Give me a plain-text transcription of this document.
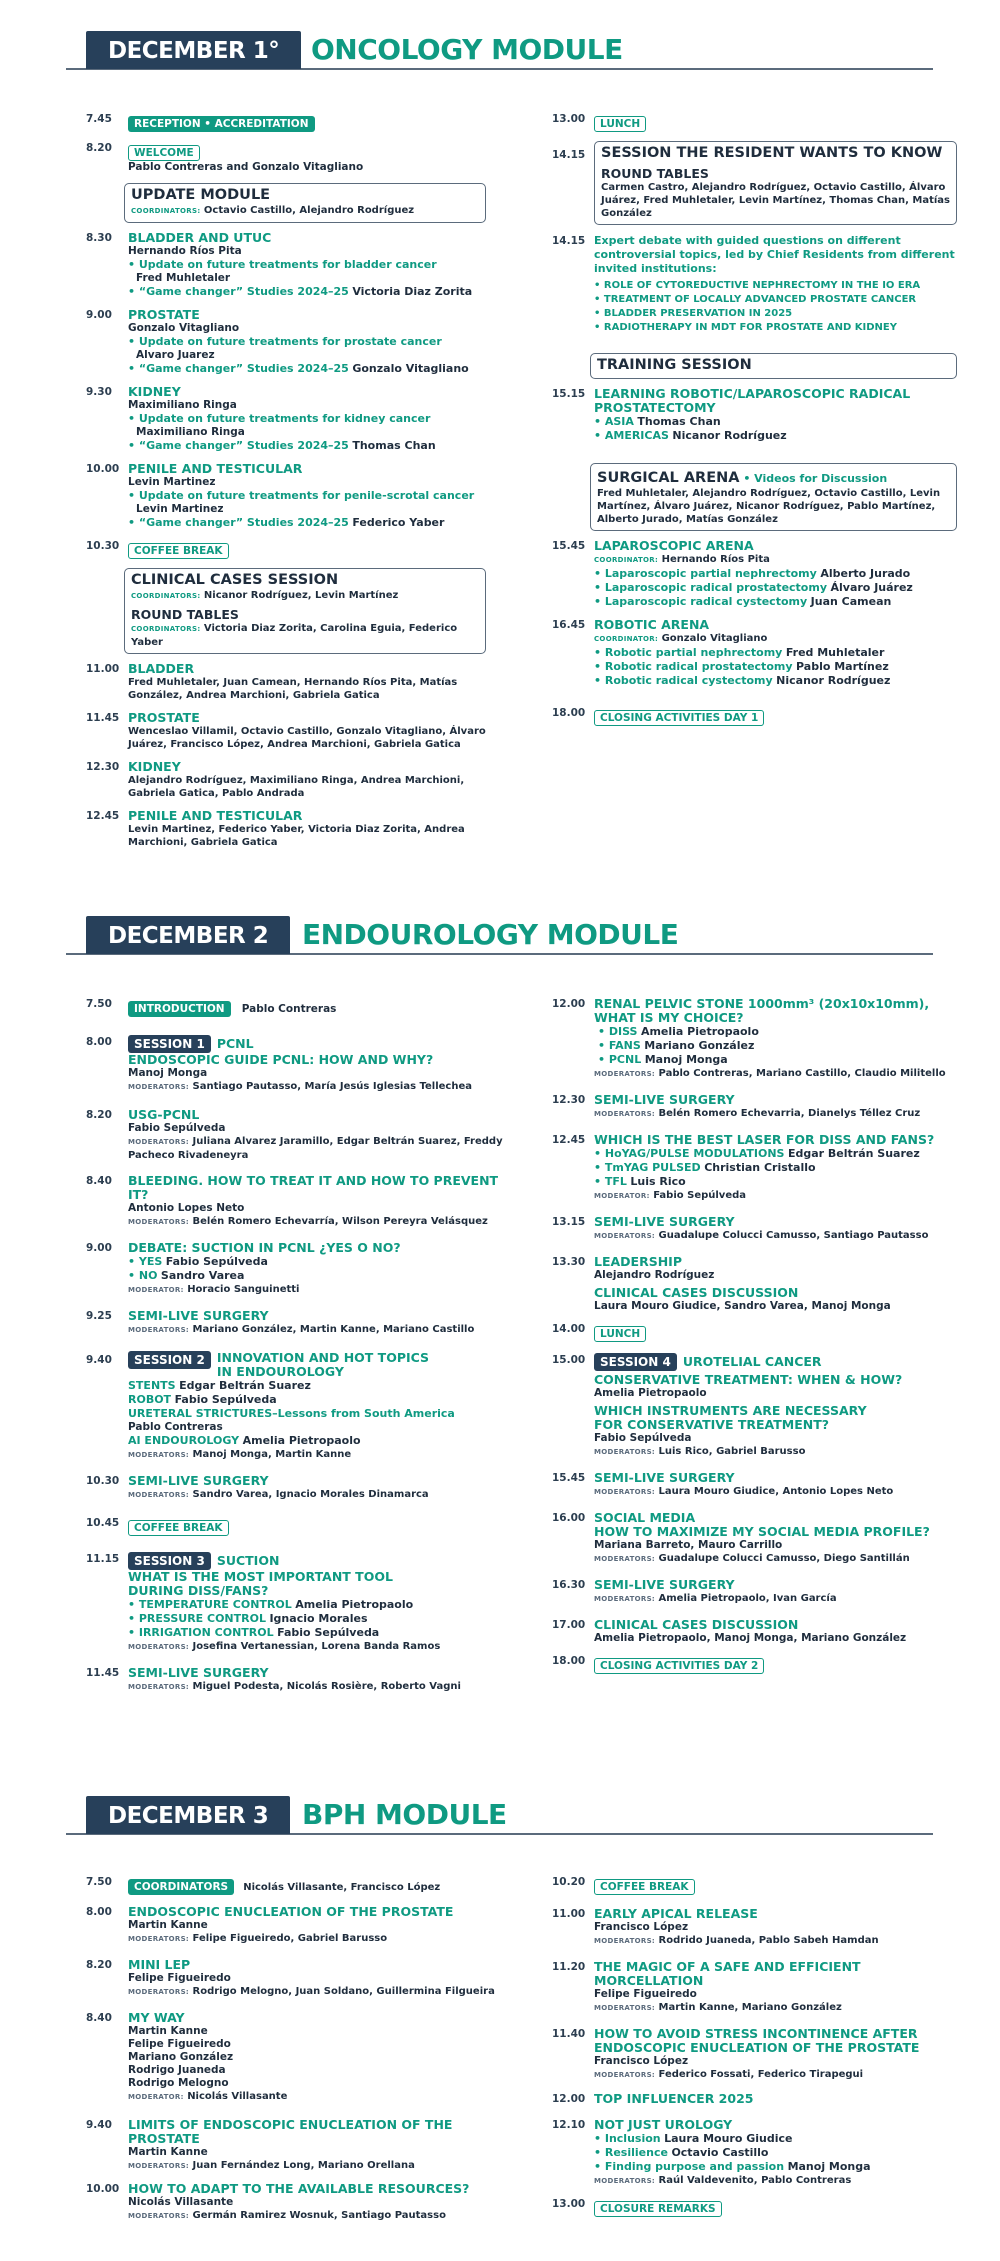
DECEMBER 1°	ONCOLOGY MODULE
7.45 RECEPTION • ACCREDITATION
8.20 WELCOME
Pablo Contreras and Gonzalo Vitagliano
UPDATE MODULE
COORDINATORS: Octavio Castillo, Alejandro Rodríguez
8.30 BLADDER AND UTUC
Hernando Ríos Pita
• Update on future treatments for bladder cancer
Fred Muhletaler
• “Game changer” Studies 2024–25 Victoria Diaz Zorita
9.00 PROSTATE
Gonzalo Vitagliano
• Update on future treatments for prostate cancer
Alvaro Juarez
• “Game changer” Studies 2024–25 Gonzalo Vitagliano
9.30 KIDNEY
Maximiliano Ringa
• Update on future treatments for kidney cancer
Maximiliano Ringa
• “Game changer” Studies 2024–25 Thomas Chan
10.00 PENILE AND TESTICULAR
Levin Martinez
• Update on future treatments for penile-scrotal cancer
Levin Martinez
• “Game changer” Studies 2024–25 Federico Yaber
10.30 COFFEE BREAK
CLINICAL CASES SESSION
COORDINATORS: Nicanor Rodríguez, Levin Martínez
ROUND TABLES
COORDINATORS: Victoria Diaz Zorita, Carolina Eguia, Federico Yaber
11.00 BLADDER
Fred Muhletaler, Juan Camean, Hernando Ríos Pita, Matías González, Andrea Marchioni, Gabriela Gatica
11.45 PROSTATE
Wenceslao Villamil, Octavio Castillo, Gonzalo Vitagliano, Álvaro Juárez, Francisco López, Andrea Marchioni, Gabriela Gatica
12.30 KIDNEY
Alejandro Rodríguez, Maximiliano Ringa, Andrea Marchioni, Gabriela Gatica, Pablo Andrada
12.45 PENILE AND TESTICULAR
Levin Martinez, Federico Yaber, Victoria Diaz Zorita, Andrea Marchioni, Gabriela Gatica
13.00 LUNCH
14.15 SESSION THE RESIDENT WANTS TO KNOW
ROUND TABLES
Carmen Castro, Alejandro Rodríguez, Octavio Castillo, Álvaro Juárez, Fred Muhletaler, Levin Martínez, Thomas Chan, Matías González
14.15 Expert debate with guided questions on different controversial topics, led by Chief Residents from different invited institutions:
• ROLE OF CYTOREDUCTIVE NEPHRECTOMY IN THE IO ERA
• TREATMENT OF LOCALLY ADVANCED PROSTATE CANCER
• BLADDER PRESERVATION IN 2025
• RADIOTHERAPY IN MDT FOR PROSTATE AND KIDNEY
TRAINING SESSION
15.15 LEARNING ROBOTIC/LAPAROSCOPIC RADICAL PROSTATECTOMY
• ASIA Thomas Chan
• AMERICAS Nicanor Rodríguez
SURGICAL ARENA • Videos for Discussion
Fred Muhletaler, Alejandro Rodríguez, Octavio Castillo, Levin Martínez, Álvaro Juárez, Nicanor Rodríguez, Pablo Martínez, Alberto Jurado, Matías González
15.45 LAPAROSCOPIC ARENA
COORDINATOR: Hernando Ríos Pita
• Laparoscopic partial nephrectomy Alberto Jurado
• Laparoscopic radical prostatectomy Álvaro Juárez
• Laparoscopic radical cystectomy Juan Camean
16.45 ROBOTIC ARENA
COORDINATOR: Gonzalo Vitagliano
• Robotic partial nephrectomy Fred Muhletaler
• Robotic radical prostatectomy Pablo Martínez
• Robotic radical cystectomy Nicanor Rodríguez
18.00 CLOSING ACTIVITIES DAY 1
DECEMBER 2	ENDOUROLOGY MODULE
7.50 INTRODUCTION Pablo Contreras
8.00	SESSION 1 PCNL
ENDOSCOPIC GUIDE PCNL: HOW AND WHY?
Manoj Monga
MODERATORS: Santiago Pautasso, María Jesús Iglesias Tellechea
8.20 USG-PCNL
Fabio Sepúlveda
MODERATORS: Juliana Alvarez Jaramillo, Edgar Beltrán Suarez, Freddy Pacheco Rivadeneyra
8.40 BLEEDING. HOW TO TREAT IT AND HOW TO PREVENT IT?
Antonio Lopes Neto
MODERATORS: Belén Romero Echevarría, Wilson Pereyra Velásquez
9.00 DEBATE: SUCTION IN PCNL ¿YES O NO?
• YES Fabio Sepúlveda
• NO Sandro Varea
MODERATOR: Horacio Sanguinetti
9.25 SEMI-LIVE SURGERY
MODERATORS: Mariano González, Martin Kanne, Mariano Castillo
9.40	SESSION 2 INNOVATION AND HOT TOPICS IN ENDOUROLOGY
STENTS Edgar Beltrán Suarez
ROBOT Fabio Sepúlveda
URETERAL STRICTURES–Lessons from South America
Pablo Contreras
AI ENDOUROLOGY Amelia Pietropaolo
MODERATORS: Manoj Monga, Martin Kanne
10.30 SEMI-LIVE SURGERY
MODERATORS: Sandro Varea, Ignacio Morales Dinamarca
10.45 COFFEE BREAK
11.15	SESSION 3 SUCTION
WHAT IS THE MOST IMPORTANT TOOL DURING DISS/FANS?
• TEMPERATURE CONTROL Amelia Pietropaolo
• PRESSURE CONTROL Ignacio Morales
• IRRIGATION CONTROL Fabio Sepúlveda
MODERATORS: Josefina Vertanessian, Lorena Banda Ramos
11.45 SEMI-LIVE SURGERY
MODERATORS: Miguel Podesta, Nicolás Rosière, Roberto Vagni
12.00 RENAL PELVIC STONE 1000mm³ (20x10x10mm), WHAT IS MY CHOICE?
• DISS Amelia Pietropaolo
• FANS Mariano González
• PCNL Manoj Monga
MODERATORS: Pablo Contreras, Mariano Castillo, Claudio Militello
12.30 SEMI-LIVE SURGERY
MODERATORS: Belén Romero Echevarria, Dianelys Téllez Cruz
12.45 WHICH IS THE BEST LASER FOR DISS AND FANS?
• HoYAG/PULSE MODULATIONS Edgar Beltrán Suarez
• TmYAG PULSED Christian Cristallo
• TFL Luis Rico
MODERATOR: Fabio Sepúlveda
13.15 SEMI-LIVE SURGERY
MODERATORS: Guadalupe Colucci Camusso, Santiago Pautasso
13.30 LEADERSHIP
Alejandro Rodríguez
CLINICAL CASES DISCUSSION
Laura Mouro Giudice, Sandro Varea, Manoj Monga
14.00 LUNCH
15.00	SESSION 4 UROTELIAL CANCER
CONSERVATIVE TREATMENT: WHEN & HOW?
Amelia Pietropaolo
WHICH INSTRUMENTS ARE NECESSARY FOR CONSERVATIVE TREATMENT?
Fabio Sepúlveda
MODERATORS: Luis Rico, Gabriel Barusso
15.45 SEMI-LIVE SURGERY
MODERATORS: Laura Mouro Giudice, Antonio Lopes Neto
16.00 SOCIAL MEDIA
HOW TO MAXIMIZE MY SOCIAL MEDIA PROFILE?
Mariana Barreto, Mauro Carrillo
MODERATORS: Guadalupe Colucci Camusso, Diego Santillán
16.30 SEMI-LIVE SURGERY
MODERATORS: Amelia Pietropaolo, Ivan García
17.00 CLINICAL CASES DISCUSSION
Amelia Pietropaolo, Manoj Monga, Mariano González
18.00 CLOSING ACTIVITIES DAY 2
DECEMBER 3	BPH MODULE
7.50 COORDINATORS Nicolás Villasante, Francisco López
8.00 ENDOSCOPIC ENUCLEATION OF THE PROSTATE
Martin Kanne
MODERATORS: Felipe Figueiredo, Gabriel Barusso
8.20 MINI LEP
Felipe Figueiredo
MODERATORS: Rodrigo Melogno, Juan Soldano, Guillermina Filgueira
8.40 MY WAY
Martin Kanne
Felipe Figueiredo
Mariano González
Rodrigo Juaneda
Rodrigo Melogno
MODERATOR: Nicolás Villasante
9.40 LIMITS OF ENDOSCOPIC ENUCLEATION OF THE PROSTATE
Martin Kanne
MODERATORS: Juan Fernández Long, Mariano Orellana
10.00 HOW TO ADAPT TO THE AVAILABLE RESOURCES?
Nicolás Villasante
MODERATORS: Germán Ramirez Wosnuk, Santiago Pautasso
10.20 COFFEE BREAK
11.00 EARLY APICAL RELEASE
Francisco López
MODERATORS: Rodrido Juaneda, Pablo Sabeh Hamdan
11.20 THE MAGIC OF A SAFE AND EFFICIENT MORCELLATION
Felipe Figueiredo
MODERATORS: Martin Kanne, Mariano González
11.40 HOW TO AVOID STRESS INCONTINENCE AFTER ENDOSCOPIC ENUCLEATION OF THE PROSTATE
Francisco López
MODERATORS: Federico Fossati, Federico Tirapegui
12.00 TOP INFLUENCER 2025
12.10 NOT JUST UROLOGY
• Inclusion Laura Mouro Giudice
• Resilience Octavio Castillo
• Finding purpose and passion Manoj Monga
MODERATORS: Raúl Valdevenito, Pablo Contreras
13.00 CLOSURE REMARKS
